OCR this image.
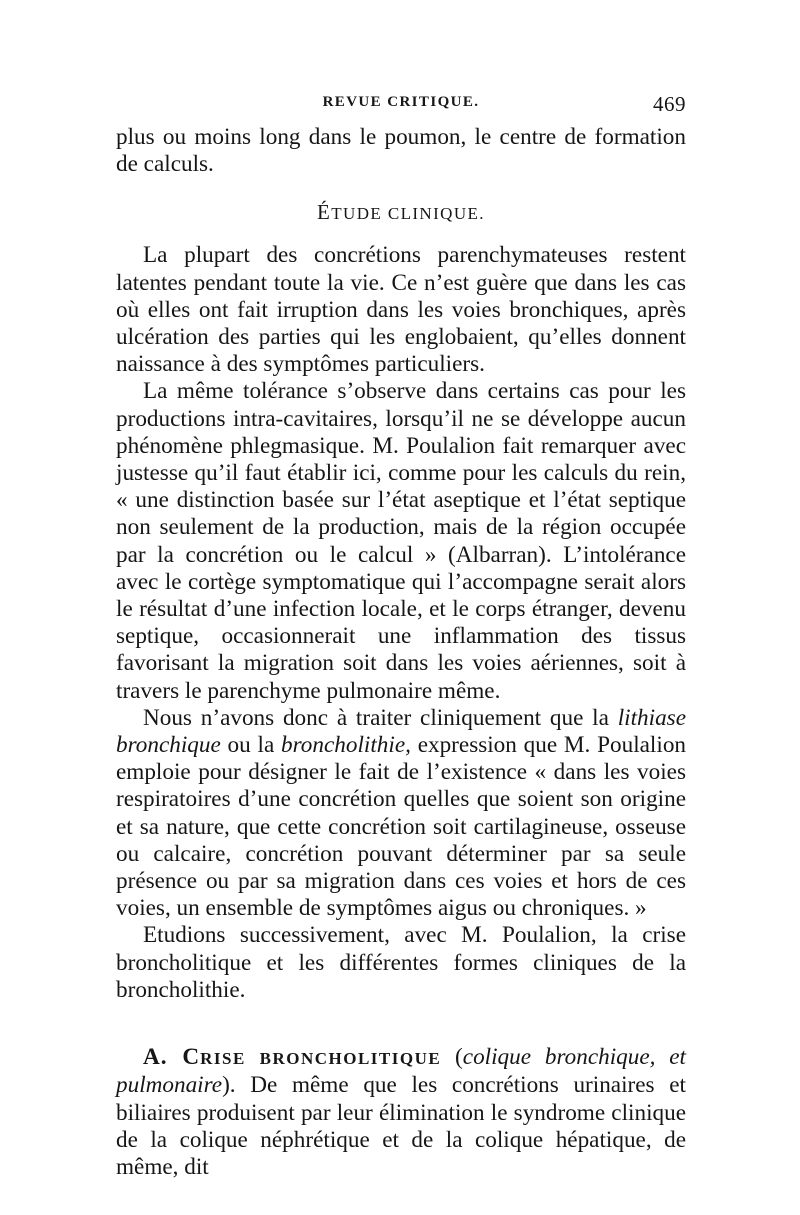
REVUE CRITIQUE.	469

plus ou moins long dans le poumon, le centre de formation de calculs.

ÉTUDE CLINIQUE.

La plupart des concrétions parenchymateuses restent latentes pendant toute la vie. Ce n’est guère que dans les cas où elles ont fait irruption dans les voies bronchiques, après ulcération des parties qui les englobaient, qu’elles donnent naissance à des symptômes particuliers.

La même tolérance s’observe dans certains cas pour les productions intra-cavitaires, lorsqu’il ne se développe aucun phénomène phlegmasique. M. Poulalion fait remarquer avec justesse qu’il faut établir ici, comme pour les calculs du rein, « une distinction basée sur l’état aseptique et l’état septique non seulement de la production, mais de la région occupée par la concrétion ou le calcul » (Albarran). L’intolérance avec le cortège symptomatique qui l’accompagne serait alors le résultat d’une infection locale, et le corps étranger, devenu septique, occasionnerait une inflammation des tissus favorisant la migration soit dans les voies aériennes, soit à travers le parenchyme pulmonaire même.

Nous n’avons donc à traiter cliniquement que la lithiase bronchique ou la broncholithie, expression que M. Poulalion emploie pour désigner le fait de l’existence « dans les voies respiratoires d’une concrétion quelles que soient son origine et sa nature, que cette concrétion soit cartilagineuse, osseuse ou calcaire, concrétion pouvant déterminer par sa seule présence ou par sa migration dans ces voies et hors de ces voies, un ensemble de symptômes aigus ou chroniques. »

Etudions successivement, avec M. Poulalion, la crise broncholitique et les différentes formes cliniques de la broncholithie.

A. CRISE BRONCHOLITIQUE (colique bronchique, et pulmonaire). De même que les concrétions urinaires et biliaires produisent par leur élimination le syndrome clinique de la colique néphrétique et de la colique hépatique, de même, dit
